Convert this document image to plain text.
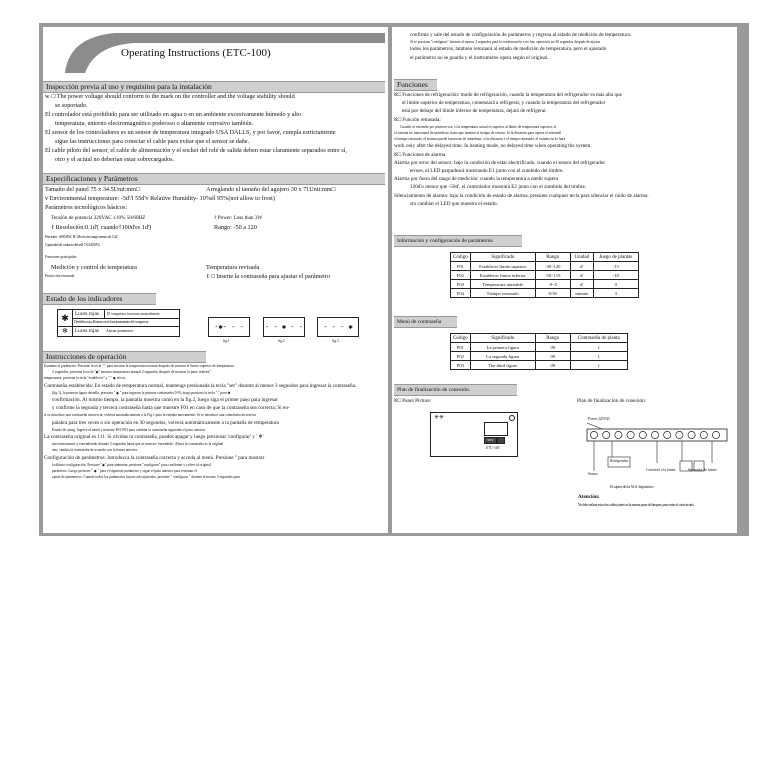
Operating Instructions (ETC-100)
Inspección previa al uso y requisitos para la instalación
w·□ The power voltage should conform to the mark on the controller and the voltage stability should
se soportado.
El controlador está prohibido para ser utilizado en agua o en un ambiente excesivamente húmedo y alto
temperatura, entorno electromagnético poderoso o altamente corrosivo también.
El sensor de los controladores es un sensor de temperatura integrado USA DALLS, y por favor, cumpla estrictamente
sigue las instrucciones para conectar el cable para evitar que el sensor se dañe.
El cable piloto del sensor, el cable de alimentación y el socket del relé de salida deben estar claramente separados entre sí,
otro y el actual no deberían estar sobrecargados.
Especificaciones y Parámetros
Tamaño del panel 75 x 34.5Unit:mm□	Arreglando el tamaño del agujero 30 x 71Unit:mm□
v Environmental temperature: -5d'/l 55d'v Relative Humidity- 10%él 95%(not allow to frost)
Parámetros tecnológicos básicos:
Tensión de potencia 220VAC ±10% 50/60HZ	ℓ Power: Less than 3W
ℓ Resolución:0.1d'( cuando†100d'es 1d')	Rango: -50 a 120
Precisión - 0d/l0 85d', 8C Mt en otro rango menos de C2d'
Capacidad de contacto del relé 7A/240VAC
Funciones principales:
Medición y control de temperatura	Temperatura revisada
Protección retrasada	ℓ·□ Inserte la contraseña para ajustar el parámetro
Estado de los indicadores
✱	Luces rojas El compresor funciona normalmente
Destellos rojos Retraso en el funcionamiento del compresor
❄	Luces rojas Ajustar parámetros	-✱- - -	- - ✱ - -	- - - ✱
fig.1	fig.2	fig.3
Instrucciones de operación
Examine el parámetro: Presione la tecla " " para mostrar la temperatura normal después de mostrar el límite superior de temperatura.
2 segundos; presiona la tecla "◆" mostrar temperatura normal 2 segundos después de mostrar la parte inferior"
temperatura; presiona la tecla "establecer" y " " ◆ efecto.
Contraseña establecida: En estado de temperatura normal, mantenga presionada la tecla "set" durante al menos 3 segundos para ingresar la contraseña.
(fig.1), la primera figura destella, presiona " ◆ " para ingresar la primera contraseña (0-9), luego presiona la tecla " " para ✱
confirmación. Al mismo tiempo, la pantalla muestra como en la fig.2, luego siga el primer paso para ingresar
y confirme la segunda y tercera contraseña hasta que muestre F01 en caso de que la contraseña sea correcta; Si en-
si se introduce una contraseña incorrecta, volverá automáticamente a la Fig.1 para la entrada nuevamente. Si se introduce una contraseña incorrecta
palabra para tres veces o sin operación en 30 segundos, volverá automáticamente a la pantalla de temperatura
Estado de aying. Ingrese al menú y muestre F01-F03 para cambiar la contraseña siguiendo el paso anterior.
La contraseña original es 111. Si olvidas tu contraseña, puedes apagar y luego presionar 'configurar' y ' ❄'
sincrónicamente y encendiendo durante 5 segundos hasta que se muestre 'encendido'. Ahora la contraseña es la original
uno, cambia la contraseña de acuerdo con la forma anterior.
Configuración de parámetros: Introduzca la contraseña correcta y acceda al menú. Presione " para mostrar
la última configuración. Presione "◆" para aumentar, presione "configurar" para confirmar y volver al original
parámetro. Luego presione " ◆ " para el siguiente parámetro y sigue el paso anterior para terminar el
ajuste de parámetros. Cuando todos los parámetros hayan sido ajustados, presione " configurar " durante al menos 3 segundos para
confirma y sale del estado de configuración de parámetros y regresa al estado de medición de temperatura.
Si se presiona "configurar" durante al menos 3 segundos para la confirmación o no hay operación en 30 segundos después de ajustar
todos los parámetros, también retornará al estado de medición de temperatura, pero el ajustado
el parámetro no se guarda y el instrumento opera según el original.
Funciones
ℵ□ Funciones de refrigeración: modo de refrigeración, cuando la temperatura del refrigerador es más alta que
el límite superior de temperatura, comenzará a refrigerar, y cuando la temperatura del refrigerador
está por debajo del límite inferior de temperatura, dejará de refrigerar.
ℵ□ Función retrasada:
Cuando se enciende por primera vez, si la temperatura actual es superior al límite de temperatura superior, el
el sistema no funcionará de inmediato, hasta que termine el tiempo de retraso. Si la distancia para operar el sistema0
el tiempo retrasado, el sistema puede funcionar de inmediato; si la distancia ℓ el tiempo retrasado, el sistema no lo hará
work only after the delayed time. In heating mode, no delayed time when operating the system.
ℵ□ Funciones de alarma
Alarma por error del sensor: bajo la condición de estar electrificado, cuando el sensor del refrigerador
erroes, el LED parpadeará mostrando E1 junto con el zumbido del timbre.
Alarma por fuera del rango de medición: cuando la temperatura a medir supera
120d'o menor que -50d', el controlador mostrará E2 junto con el zumbido del timbre.
Silenciamiento de alarma: bajo la condición de estado de alarma, presione cualquier tecla para silenciar el ruido de alarma.
sin cambiar el LED que muestra el estado.
Información y configuración de parámetros
Código	Significado	Rango	Unidad	Juego de plantas
F01	Establecer límite superior	-49~120	d'	-15
F02	Establecer límite inferior	-50~119	d'	-18
F03	Temperatura ajustable	-9~5	d'	0
F04	Tiempo retrasado	0/30	minute	3
Menú de contraseña
Código	Significado	Rango	Contraseña de planta
P01	La primera figura	09	1
P02	La segunda figura	09	1
P03	The third figure	09	1
Plan de finalización de conexión.
ℵ□ Panel Picture:
✳✳
SET
ETC-100
Plan de finalización de conexión:
Power 220VAC
Refrigerador
Sensor
Conexión a la fuente	Separador de fuente
El sujetos de los ACd· dispositivos ·
Atención:
No debe utilizar estos dos cables juntos en la misma pinza de lámpara, para evitar el cortocircuito.
